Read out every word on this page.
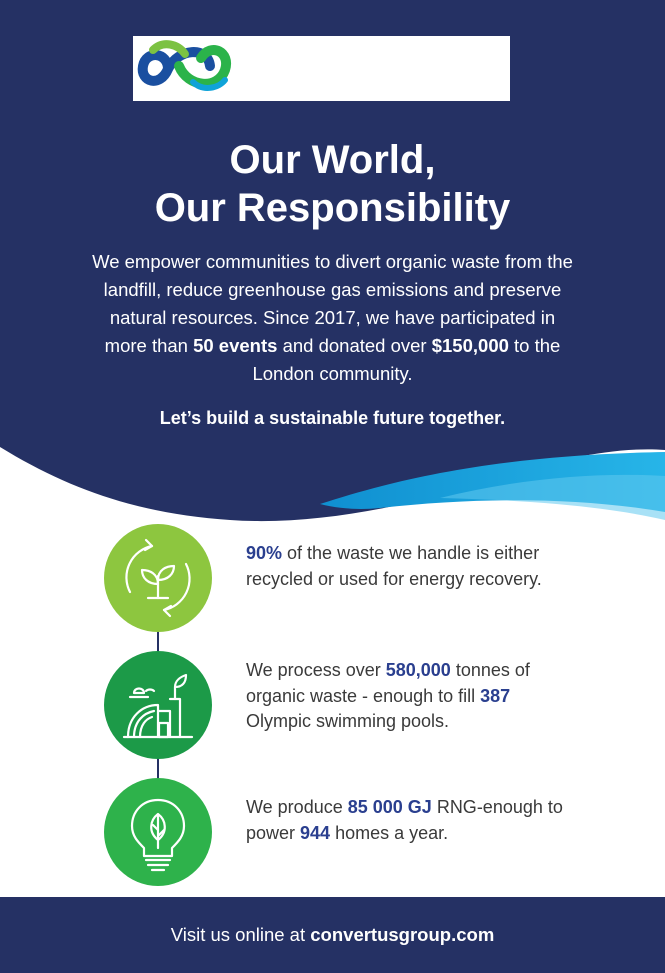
Our World,
Our Responsibility

We empower communities to divert organic waste from the landfill, reduce greenhouse gas emissions and preserve natural resources. Since 2017, we have participated in more than 50 events and donated over $150,000 to the London community.

Let’s build a sustainable future together.

90% of the waste we handle is either recycled or used for energy recovery.

We process over 580,000 tonnes of organic waste - enough to fill 387 Olympic swimming pools.

We produce 85 000 GJ RNG-enough to power 944 homes a year.

Visit us online at convertusgroup.com
